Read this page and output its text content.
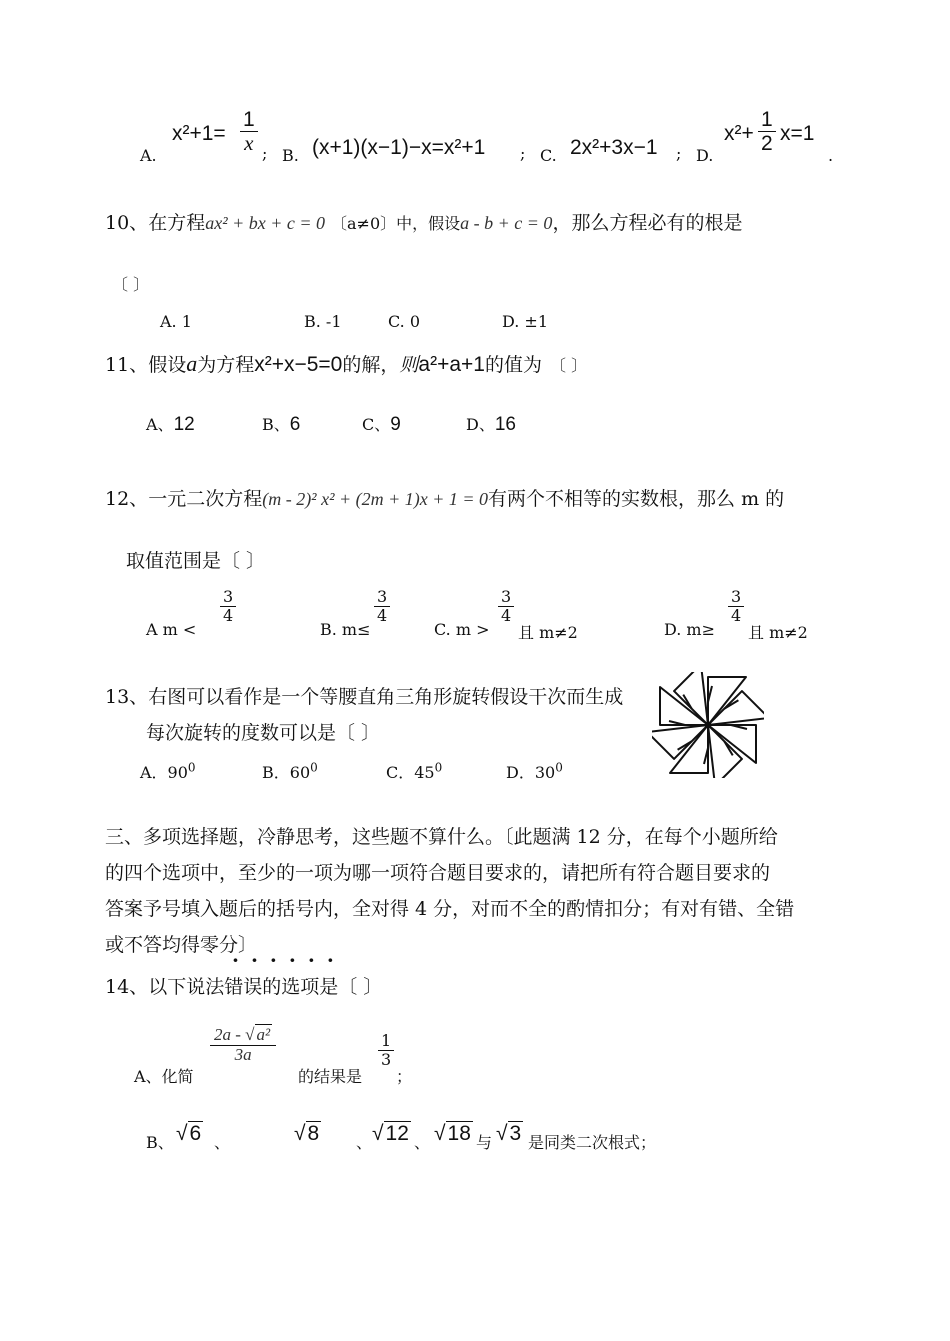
A.
$x^2+1= \frac{1}{x}$ ; B. (x+1)(x−1)−x=x²+1 ; C. 2x²+3x−1 ; D.
$x^2+ \frac{1}{2} x=1$
.
10、在方程ax² + bx + c = 0 〔a≠0〕中，假设a - b + c = 0，那么方程必有的根是
〔 〕
A. 1	B. -1	C. 0	D. ±1
11、假设a为方程x²+x−5=0的解，则a²+a+1的值为 〔 〕
A、12	B、6	C、9	D、16
12、一元二次方程(m - 2)² x² + (2m + 1)x + 1 = 0有两个不相等的实数根，那么 m 的
取值范围是〔 〕
A m <
$\frac{3}{4}$
B. m≤
$\frac{3}{4}$
C. m >
$\frac{3}{4}$
且 m≠2	D. m≥
$\frac{3}{4}$
且 m≠2
13、右图可以看作是一个等腰直角三角形旋转假设干次而生成
每次旋转的度数可以是〔 〕
A．$90^0$	B．$60^0$	C．$45^0$	D．$30^0$
三、多项选择题，冷静思考，这些题不算什么。〔此题满 12 分，在每个小题所给
的四个选项中，至少的一项为哪一项符合题目要求的，请把所有符合题目要求的
答案予号填入题后的括号内，全对得 4 分，对而不全的酌情扣分；有对有错、全错
或不答均得零分〕
······
14、以下说法错误的选项是〔 〕
A、化简
$\frac{\text{2a - √ a²}}{3a}$
的结果是
$\frac{1}{3}$
；
B、 √6 、	√8 、 √12 、 √18 与 √3 是同类二次根式；
